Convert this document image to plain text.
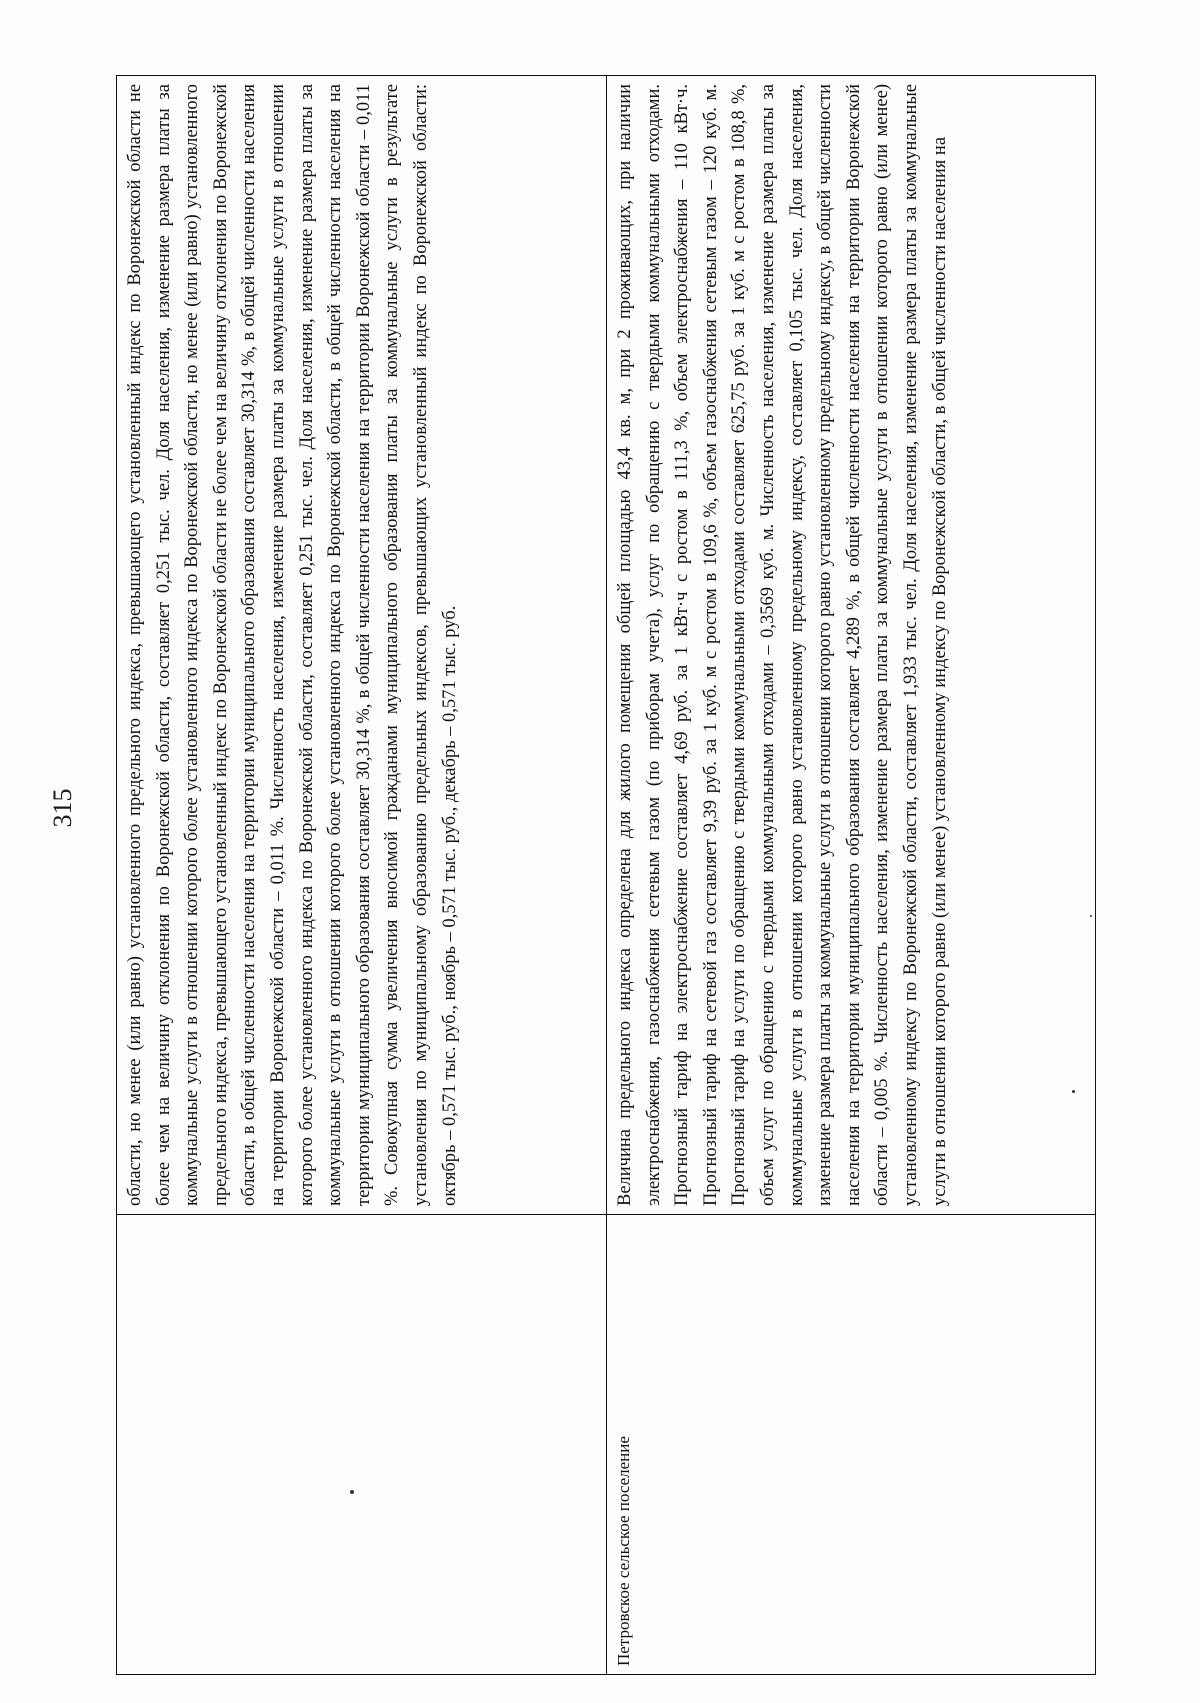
315	области, но менее (или равно) установленного предельного индекса, превышающего установленный индекс по Воронежской области не более чем на величину отклонения по Воронежской области, составляет 0,251 тыс. чел. Доля населения, изменение размера платы за коммунальные услуги в отношении которого более установленного индекса по Воронежской области, но менее (или равно) установленного предельного индекса, превышающего установленный индекс по Воронежской области не более чем на величину отклонения по Воронежской области, в общей численности населения на территории муниципального образования составляет 30,314 %, в общей численности населения на территории Воронежской области – 0,011 %. Численность населения, изменение размера платы за коммунальные услуги в отношении которого более установленного индекса по Воронежской области, составляет 0,251 тыс. чел. Доля населения, изменение размера платы за коммунальные услуги в отношении которого более установленного индекса по Воронежской области, в общей численности населения на территории муниципального образования составляет 30,314 %, в общей численности населения на территории Воронежской области – 0,011 %. Совокупная сумма увеличения вносимой гражданами муниципального образования платы за коммунальные услуги в результате установления по муниципальному образованию предельных индексов, превышающих установленный индекс по Воронежской области: октябрь – 0,571 тыс. руб., ноябрь – 0,571 тыс. руб., декабрь – 0,571 тыс. руб.
Петровское сельское поселение
Величина предельного индекса определена для жилого помещения общей площадью 43,4 кв. м, при 2 проживающих, при наличии электроснабжения, газоснабжения сетевым газом (по приборам учета), услуг по обращению с твердыми коммунальными отходами. Прогнозный тариф на электроснабжение составляет 4,69 руб. за 1 кВт·ч с ростом в 111,3 %, объем электроснабжения – 110 кВт·ч. Прогнозный тариф на сетевой газ составляет 9,39 руб. за 1 куб. м с ростом в 109,6 %, объем газоснабжения сетевым газом – 120 куб. м. Прогнозный тариф на услуги по обращению с твердыми коммунальными отходами составляет 625,75 руб. за 1 куб. м с ростом в 108,8 %, объем услуг по обращению с твердыми коммунальными отходами – 0,3569 куб. м. Численность населения, изменение размера платы за коммунальные услуги в отношении которого равно установленному предельному индексу, составляет 0,105 тыс. чел. Доля населения, изменение размера платы за коммунальные услуги в отношении которого равно установленному предельному индексу, в общей численности населения на территории муниципального образования составляет 4,289 %, в общей численности населения на территории Воронежской области – 0,005 %. Численность населения, изменение размера платы за коммунальные услуги в отношении которого равно (или менее) установленному индексу по Воронежской области, составляет 1,933 тыс. чел. Доля населения, изменение размера платы за коммунальные услуги в отношении которого равно (или менее) установленному индексу по Воронежской области, в общей численности населения на
